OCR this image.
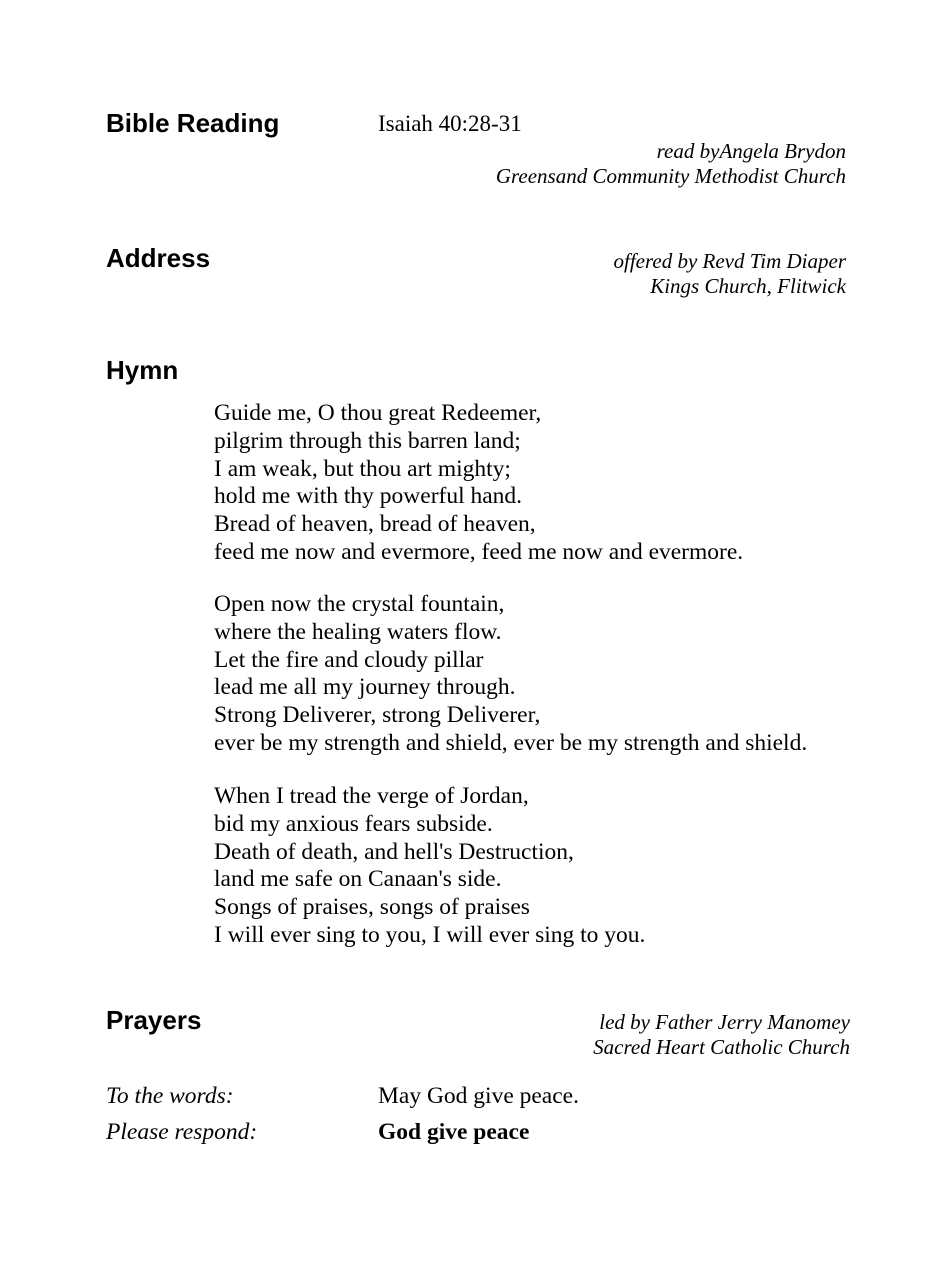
Bible Reading	Isaiah 40:28-31
read byAngela Brydon
Greensand Community Methodist Church
Address	offered by Revd Tim Diaper
Kings Church, Flitwick
Hymn
Guide me, O thou great Redeemer,
pilgrim through this barren land;
I am weak, but thou art mighty;
hold me with thy powerful hand.
Bread of heaven, bread of heaven,
feed me now and evermore, feed me now and evermore.
Open now the crystal fountain,
where the healing waters flow.
Let the fire and cloudy pillar
lead me all my journey through.
Strong Deliverer, strong Deliverer,
ever be my strength and shield, ever be my strength and shield.
When I tread the verge of Jordan,
bid my anxious fears subside.
Death of death, and hell's Destruction,
land me safe on Canaan's side.
Songs of praises, songs of praises
I will ever sing to you, I will ever sing to you.
Prayers	led by Father Jerry Manomey
Sacred Heart Catholic Church
To the words:	May God give peace.
Please respond:	God give peace
